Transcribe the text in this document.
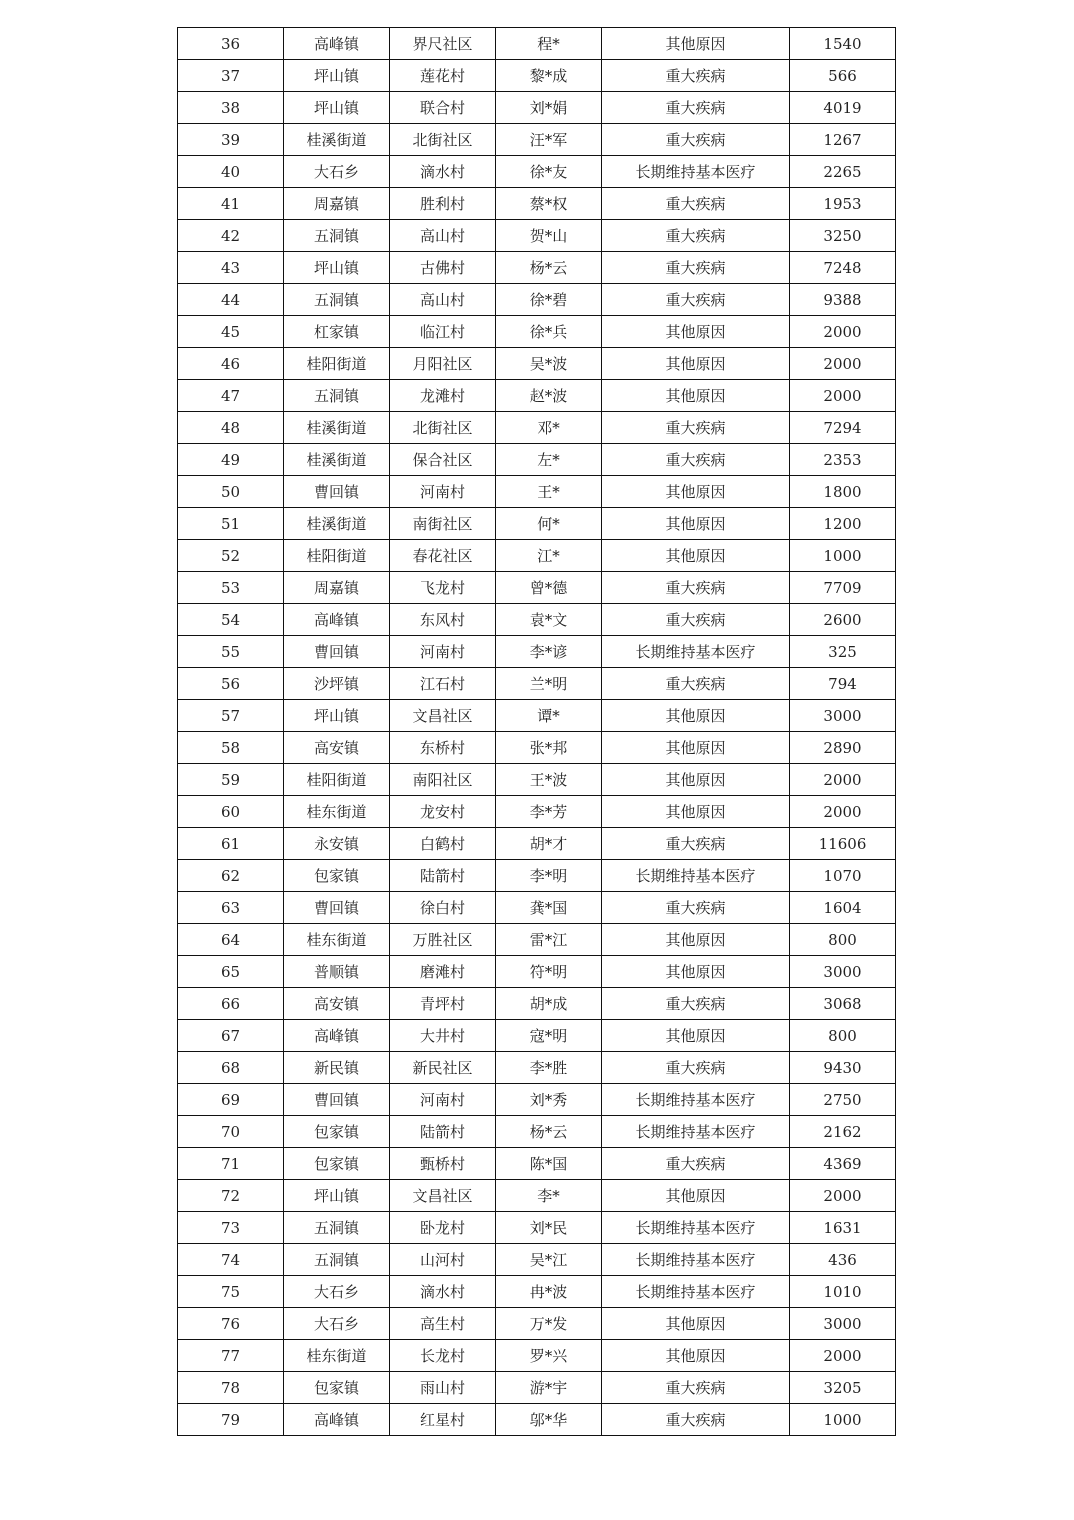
36	高峰镇	界尺社区	程*	其他原因	1540
37	坪山镇	莲花村	黎*成	重大疾病	566
38	坪山镇	联合村	刘*娟	重大疾病	4019
39	桂溪街道	北街社区	汪*军	重大疾病	1267
40	大石乡	滴水村	徐*友	长期维持基本医疗	2265
41	周嘉镇	胜利村	蔡*权	重大疾病	1953
42	五洞镇	高山村	贺*山	重大疾病	3250
43	坪山镇	古佛村	杨*云	重大疾病	7248
44	五洞镇	高山村	徐*碧	重大疾病	9388
45	杠家镇	临江村	徐*兵	其他原因	2000
46	桂阳街道	月阳社区	吴*波	其他原因	2000
47	五洞镇	龙滩村	赵*波	其他原因	2000
48	桂溪街道	北街社区	邓*	重大疾病	7294
49	桂溪街道	保合社区	左*	重大疾病	2353
50	曹回镇	河南村	王*	其他原因	1800
51	桂溪街道	南街社区	何*	其他原因	1200
52	桂阳街道	春花社区	江*	其他原因	1000
53	周嘉镇	飞龙村	曾*德	重大疾病	7709
54	高峰镇	东风村	袁*文	重大疾病	2600
55	曹回镇	河南村	李*谚	长期维持基本医疗	325
56	沙坪镇	江石村	兰*明	重大疾病	794
57	坪山镇	文昌社区	谭*	其他原因	3000
58	高安镇	东桥村	张*邦	其他原因	2890
59	桂阳街道	南阳社区	王*波	其他原因	2000
60	桂东街道	龙安村	李*芳	其他原因	2000
61	永安镇	白鹤村	胡*才	重大疾病	11606
62	包家镇	陆箭村	李*明	长期维持基本医疗	1070
63	曹回镇	徐白村	龚*国	重大疾病	1604
64	桂东街道	万胜社区	雷*江	其他原因	800
65	普顺镇	磨滩村	符*明	其他原因	3000
66	高安镇	青坪村	胡*成	重大疾病	3068
67	高峰镇	大井村	寇*明	其他原因	800
68	新民镇	新民社区	李*胜	重大疾病	9430
69	曹回镇	河南村	刘*秀	长期维持基本医疗	2750
70	包家镇	陆箭村	杨*云	长期维持基本医疗	2162
71	包家镇	甄桥村	陈*国	重大疾病	4369
72	坪山镇	文昌社区	李*	其他原因	2000
73	五洞镇	卧龙村	刘*民	长期维持基本医疗	1631
74	五洞镇	山河村	吴*江	长期维持基本医疗	436
75	大石乡	滴水村	冉*波	长期维持基本医疗	1010
76	大石乡	高生村	万*发	其他原因	3000
77	桂东街道	长龙村	罗*兴	其他原因	2000
78	包家镇	雨山村	游*宇	重大疾病	3205
79	高峰镇	红星村	邬*华	重大疾病	1000
